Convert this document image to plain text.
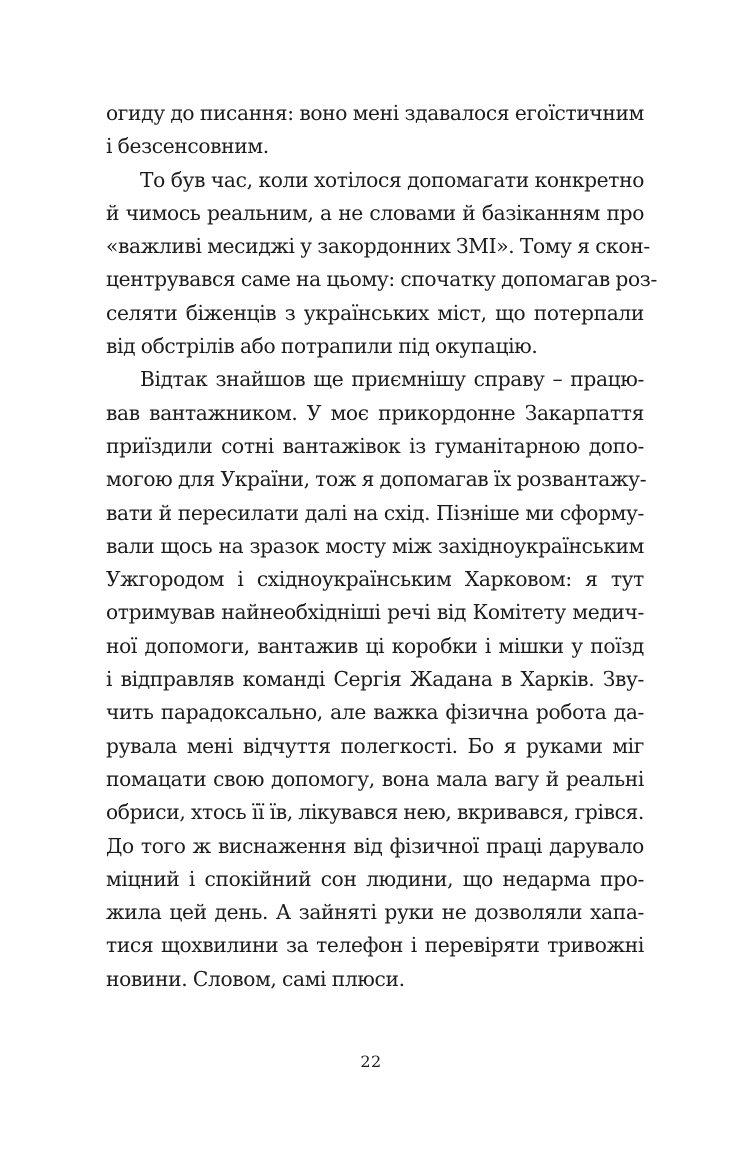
огиду до писання: воно мені здавалося егоїстичним
і безсенсовним.
То був час, коли хотілося допомагати конкретно
й чимось реальним, а не словами й базіканням про
«важливі месиджі у закордонних ЗМІ». Тому я скон-
центрувався саме на цьому: спочатку допомагав роз-
селяти біженців з українських міст, що потерпали
від обстрілів або потрапили під окупацію.
Відтак знайшов ще приємнішу справу – працю-
вав вантажником. У моє прикордонне Закарпаття
приїздили сотні вантажівок із гуманітарною допо-
могою для України, тож я допомагав їх розвантажу-
вати й пересилати далі на схід. Пізніше ми сформу-
вали щось на зразок мосту між західноукраїнським
Ужгородом і східноукраїнським Харковом: я тут
отримував найнеобхідніші речі від Комітету медич-
ної допомоги, вантажив ці коробки і мішки у поїзд
і відправляв команді Сергія Жадана в Харків. Зву-
чить парадоксально, але важка фізична робота да-
рувала мені відчуття полегкості. Бо я руками міг
помацати свою допомогу, вона мала вагу й реальні
обриси, хтось її їв, лікувався нею, вкривався, грівся.
До того ж виснаження від фізичної праці дарувало
міцний і спокійний сон людини, що недарма про-
жила цей день. А зайняті руки не дозволяли хапа-
тися щохвилини за телефон і перевіряти тривожні
новини. Словом, самі плюси.
22
